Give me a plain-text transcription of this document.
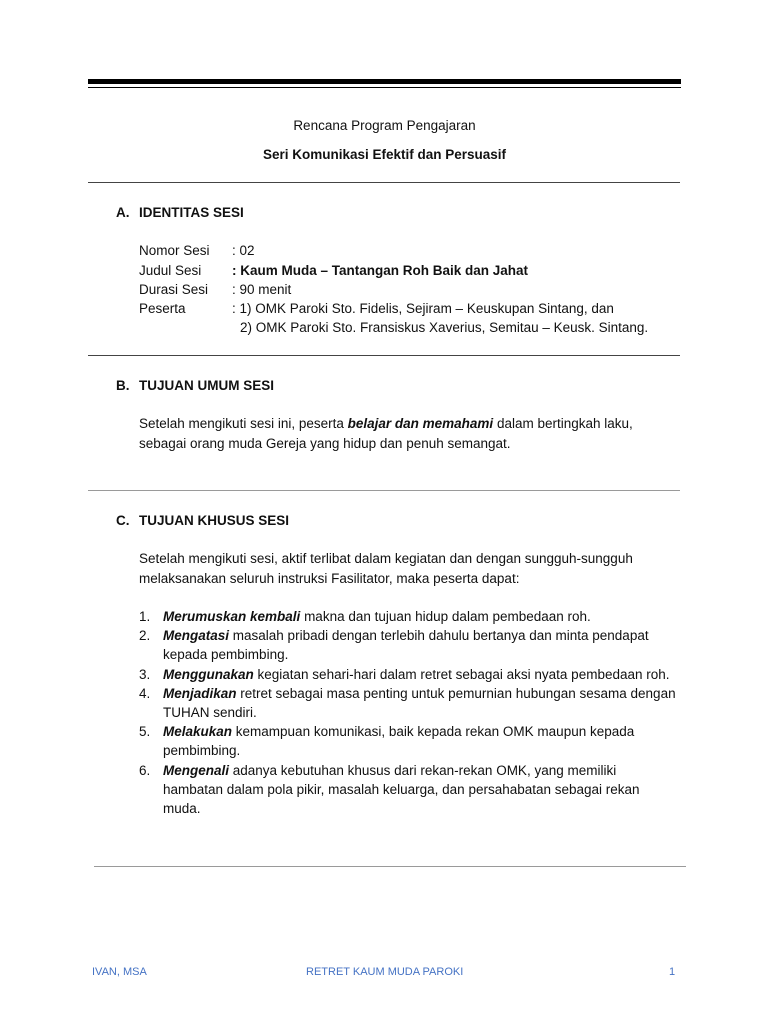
Rencana Program Pengajaran
Seri Komunikasi Efektif dan Persuasif
A. IDENTITAS SESI
Nomor Sesi : 02
Judul Sesi : Kaum Muda – Tantangan Roh Baik dan Jahat
Durasi Sesi : 90 menit
Peserta	: 1) OMK Paroki Sto. Fidelis, Sejiram – Keuskupan Sintang, dan
2) OMK Paroki Sto. Fransiskus Xaverius, Semitau – Keusk. Sintang.
B. TUJUAN UMUM SESI
Setelah mengikuti sesi ini, peserta belajar dan memahami dalam bertingkah laku, sebagai orang muda Gereja yang hidup dan penuh semangat.
C. TUJUAN KHUSUS SESI
Setelah mengikuti sesi, aktif terlibat dalam kegiatan dan dengan sungguh-sungguh melaksanakan seluruh instruksi Fasilitator, maka peserta dapat:
1. Merumuskan kembali makna dan tujuan hidup dalam pembedaan roh.
2. Mengatasi masalah pribadi dengan terlebih dahulu bertanya dan minta pendapat kepada pembimbing.
3. Menggunakan kegiatan sehari-hari dalam retret sebagai aksi nyata pembedaan roh.
4. Menjadikan retret sebagai masa penting untuk pemurnian hubungan sesama dengan TUHAN sendiri.
5. Melakukan kemampuan komunikasi, baik kepada rekan OMK maupun kepada pembimbing.
6. Mengenali adanya kebutuhan khusus dari rekan-rekan OMK, yang memiliki hambatan dalam pola pikir, masalah keluarga, dan persahabatan sebagai rekan muda.
IVAN, MSA	RETRET KAUM MUDA PAROKI	1
